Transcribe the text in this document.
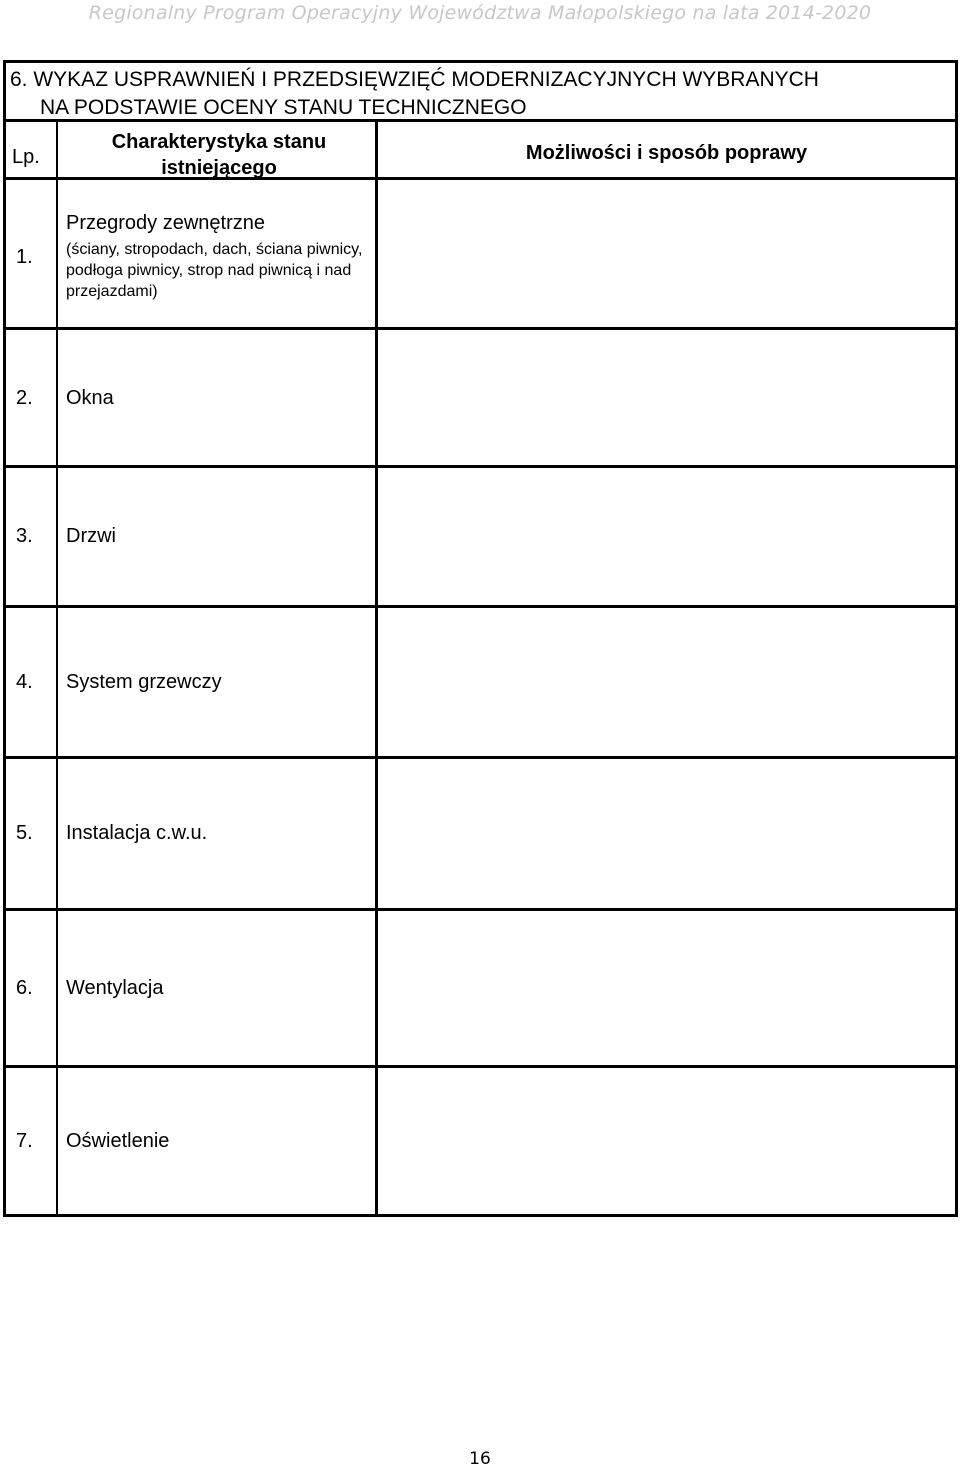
Regionalny Program Operacyjny Województwa Małopolskiego na lata 2014-2020
6. WYKAZ USPRAWNIEŃ I PRZEDSIĘWZIĘĆ MODERNIZACYJNYCH WYBRANYCH
NA PODSTAWIE OCENY STANU TECHNICZNEGO
Lp.
Charakterystyka stanu istniejącego
Możliwości i sposób poprawy
1.
Przegrody zewnętrzne
(ściany, stropodach, dach, ściana piwnicy, podłoga piwnicy, strop nad piwnicą i nad przejazdami)
2. Okna
3. Drzwi
4. System grzewczy
5. Instalacja c.w.u.
6. Wentylacja
7. Oświetlenie
16
